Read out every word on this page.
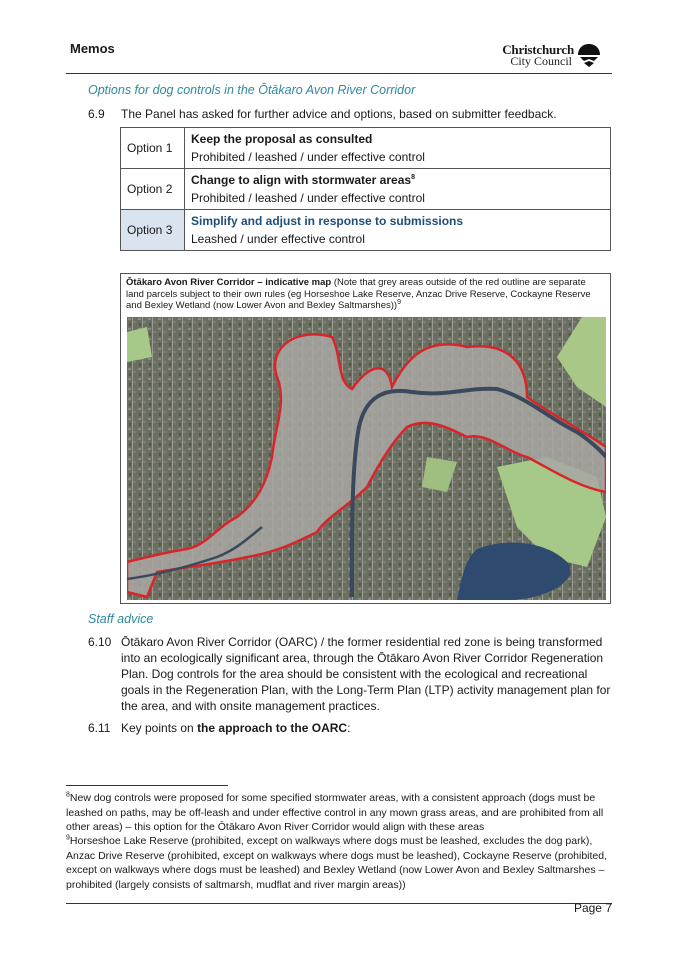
Memos	Christchurch
City Council
Options for dog controls in the Ōtākaro Avon River Corridor
6.9 The Panel has asked for further advice and options, based on submitter feedback.
Option 1	Keep the proposal as consulted
Prohibited / leashed / under effective control

Option 2	Change to align with stormwater areas$^8$
Prohibited / leashed / under effective control

Option 3	Simplify and adjust in response to submissions
Leashed / under effective control
Ōtākaro Avon River Corridor – indicative map (Note that grey areas outside of the red outline are separate land parcels subject to their own rules (eg Horseshoe Lake Reserve, Anzac Drive Reserve, Cockayne Reserve and Bexley Wetland (now Lower Avon and Bexley Saltmarshes))$^9$
Staff advice
6.10 Ōtākaro Avon River Corridor (OARC) / the former residential red zone is being transformed into an ecologically significant area, through the Ōtākaro Avon River Corridor Regeneration Plan. Dog controls for the area should be consistent with the ecological and recreational goals in the Regeneration Plan, with the Long-Term Plan (LTP) activity management plan for the area, and with onsite management practices.
6.11 Key points on the approach to the OARC:
$^8$New dog controls were proposed for some specified stormwater areas, with a consistent approach (dogs must be leashed on paths, may be off-leash and under effective control in any mown grass areas, and are prohibited from all other areas) – this option for the Ōtākaro Avon River Corridor would align with these areas
$^9$Horseshoe Lake Reserve (prohibited, except on walkways where dogs must be leashed, excludes the dog park), Anzac Drive Reserve (prohibited, except on walkways where dogs must be leashed), Cockayne Reserve (prohibited, except on walkways where dogs must be leashed) and Bexley Wetland (now Lower Avon and Bexley Saltmarshes – prohibited (largely consists of saltmarsh, mudflat and river margin areas))
Page 7
